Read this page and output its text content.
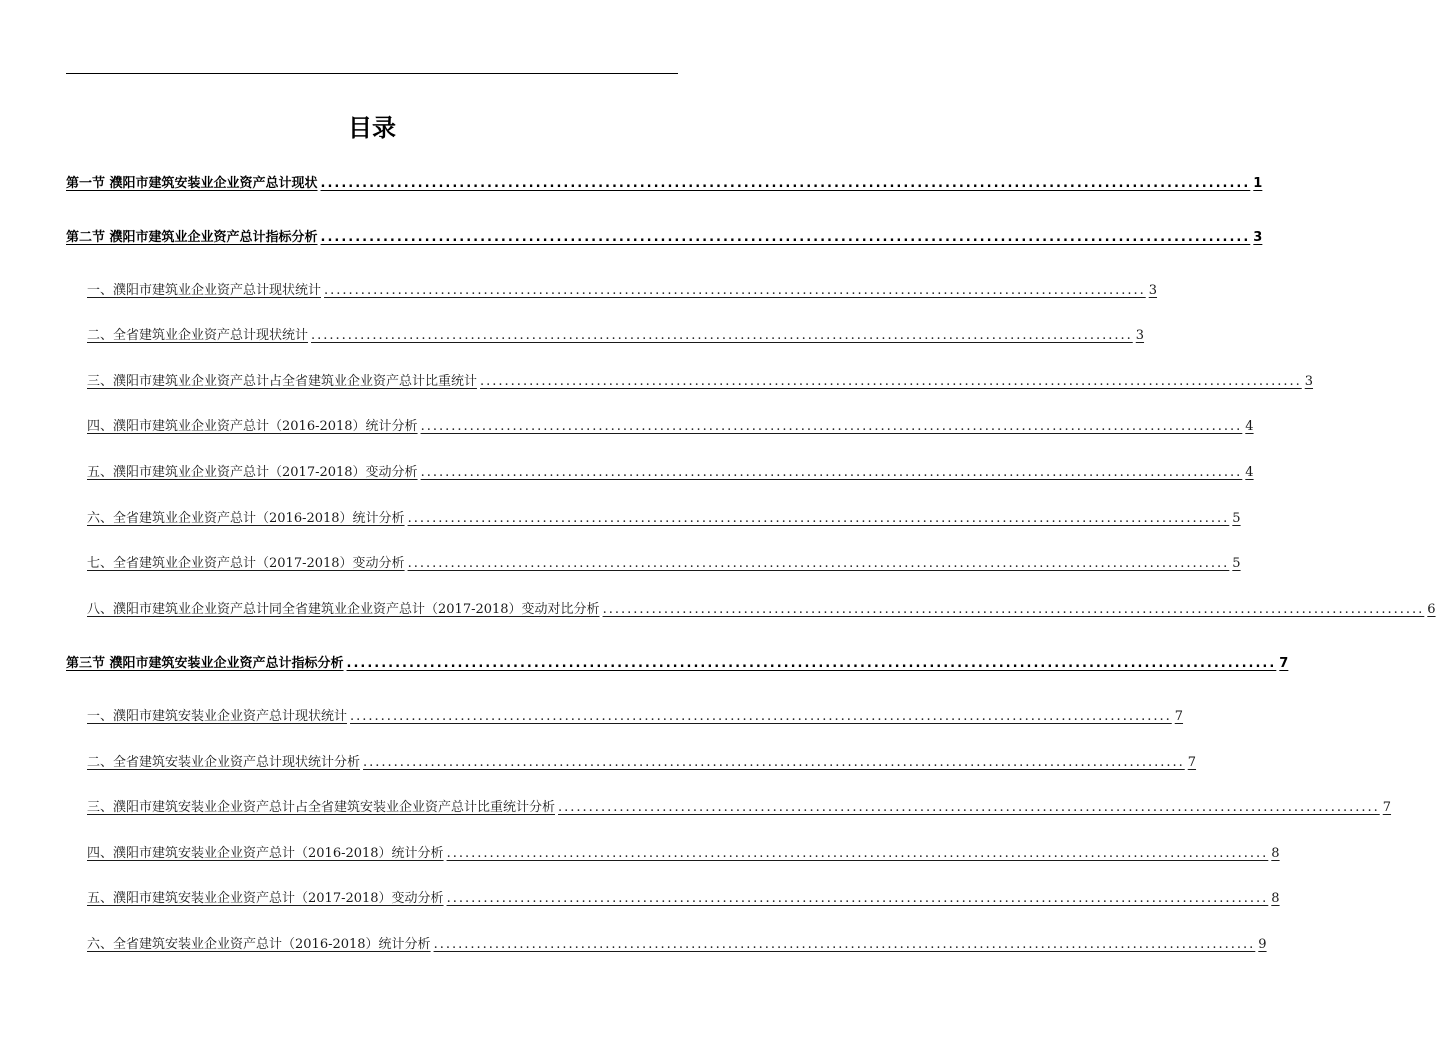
目录
第一节 濮阳市建筑安装业企业资产总计现状 ...................................................................................................................................... 1
第二节 濮阳市建筑业企业资产总计指标分析 ...................................................................................................................................... 3
一、濮阳市建筑业企业资产总计现状统计 ...................................................................................................................................... 3
二、全省建筑业企业资产总计现状统计 ...................................................................................................................................... 3
三、濮阳市建筑业企业资产总计占全省建筑业企业资产总计比重统计 ...................................................................................................................................... 3
四、濮阳市建筑业企业资产总计（2016-2018）统计分析 ...................................................................................................................................... 4
五、濮阳市建筑业企业资产总计（2017-2018）变动分析 ...................................................................................................................................... 4
六、全省建筑业企业资产总计（2016-2018）统计分析 ...................................................................................................................................... 5
七、全省建筑业企业资产总计（2017-2018）变动分析 ...................................................................................................................................... 5
八、濮阳市建筑业企业资产总计同全省建筑业企业资产总计（2017-2018）变动对比分析 ...................................................................................................................................... 6
第三节 濮阳市建筑安装业企业资产总计指标分析 ...................................................................................................................................... 7
一、濮阳市建筑安装业企业资产总计现状统计 ...................................................................................................................................... 7
二、全省建筑安装业企业资产总计现状统计分析 ...................................................................................................................................... 7
三、濮阳市建筑安装业企业资产总计占全省建筑安装业企业资产总计比重统计分析 ...................................................................................................................................... 7
四、濮阳市建筑安装业企业资产总计（2016-2018）统计分析 ...................................................................................................................................... 8
五、濮阳市建筑安装业企业资产总计（2017-2018）变动分析 ...................................................................................................................................... 8
六、全省建筑安装业企业资产总计（2016-2018）统计分析 ...................................................................................................................................... 9
